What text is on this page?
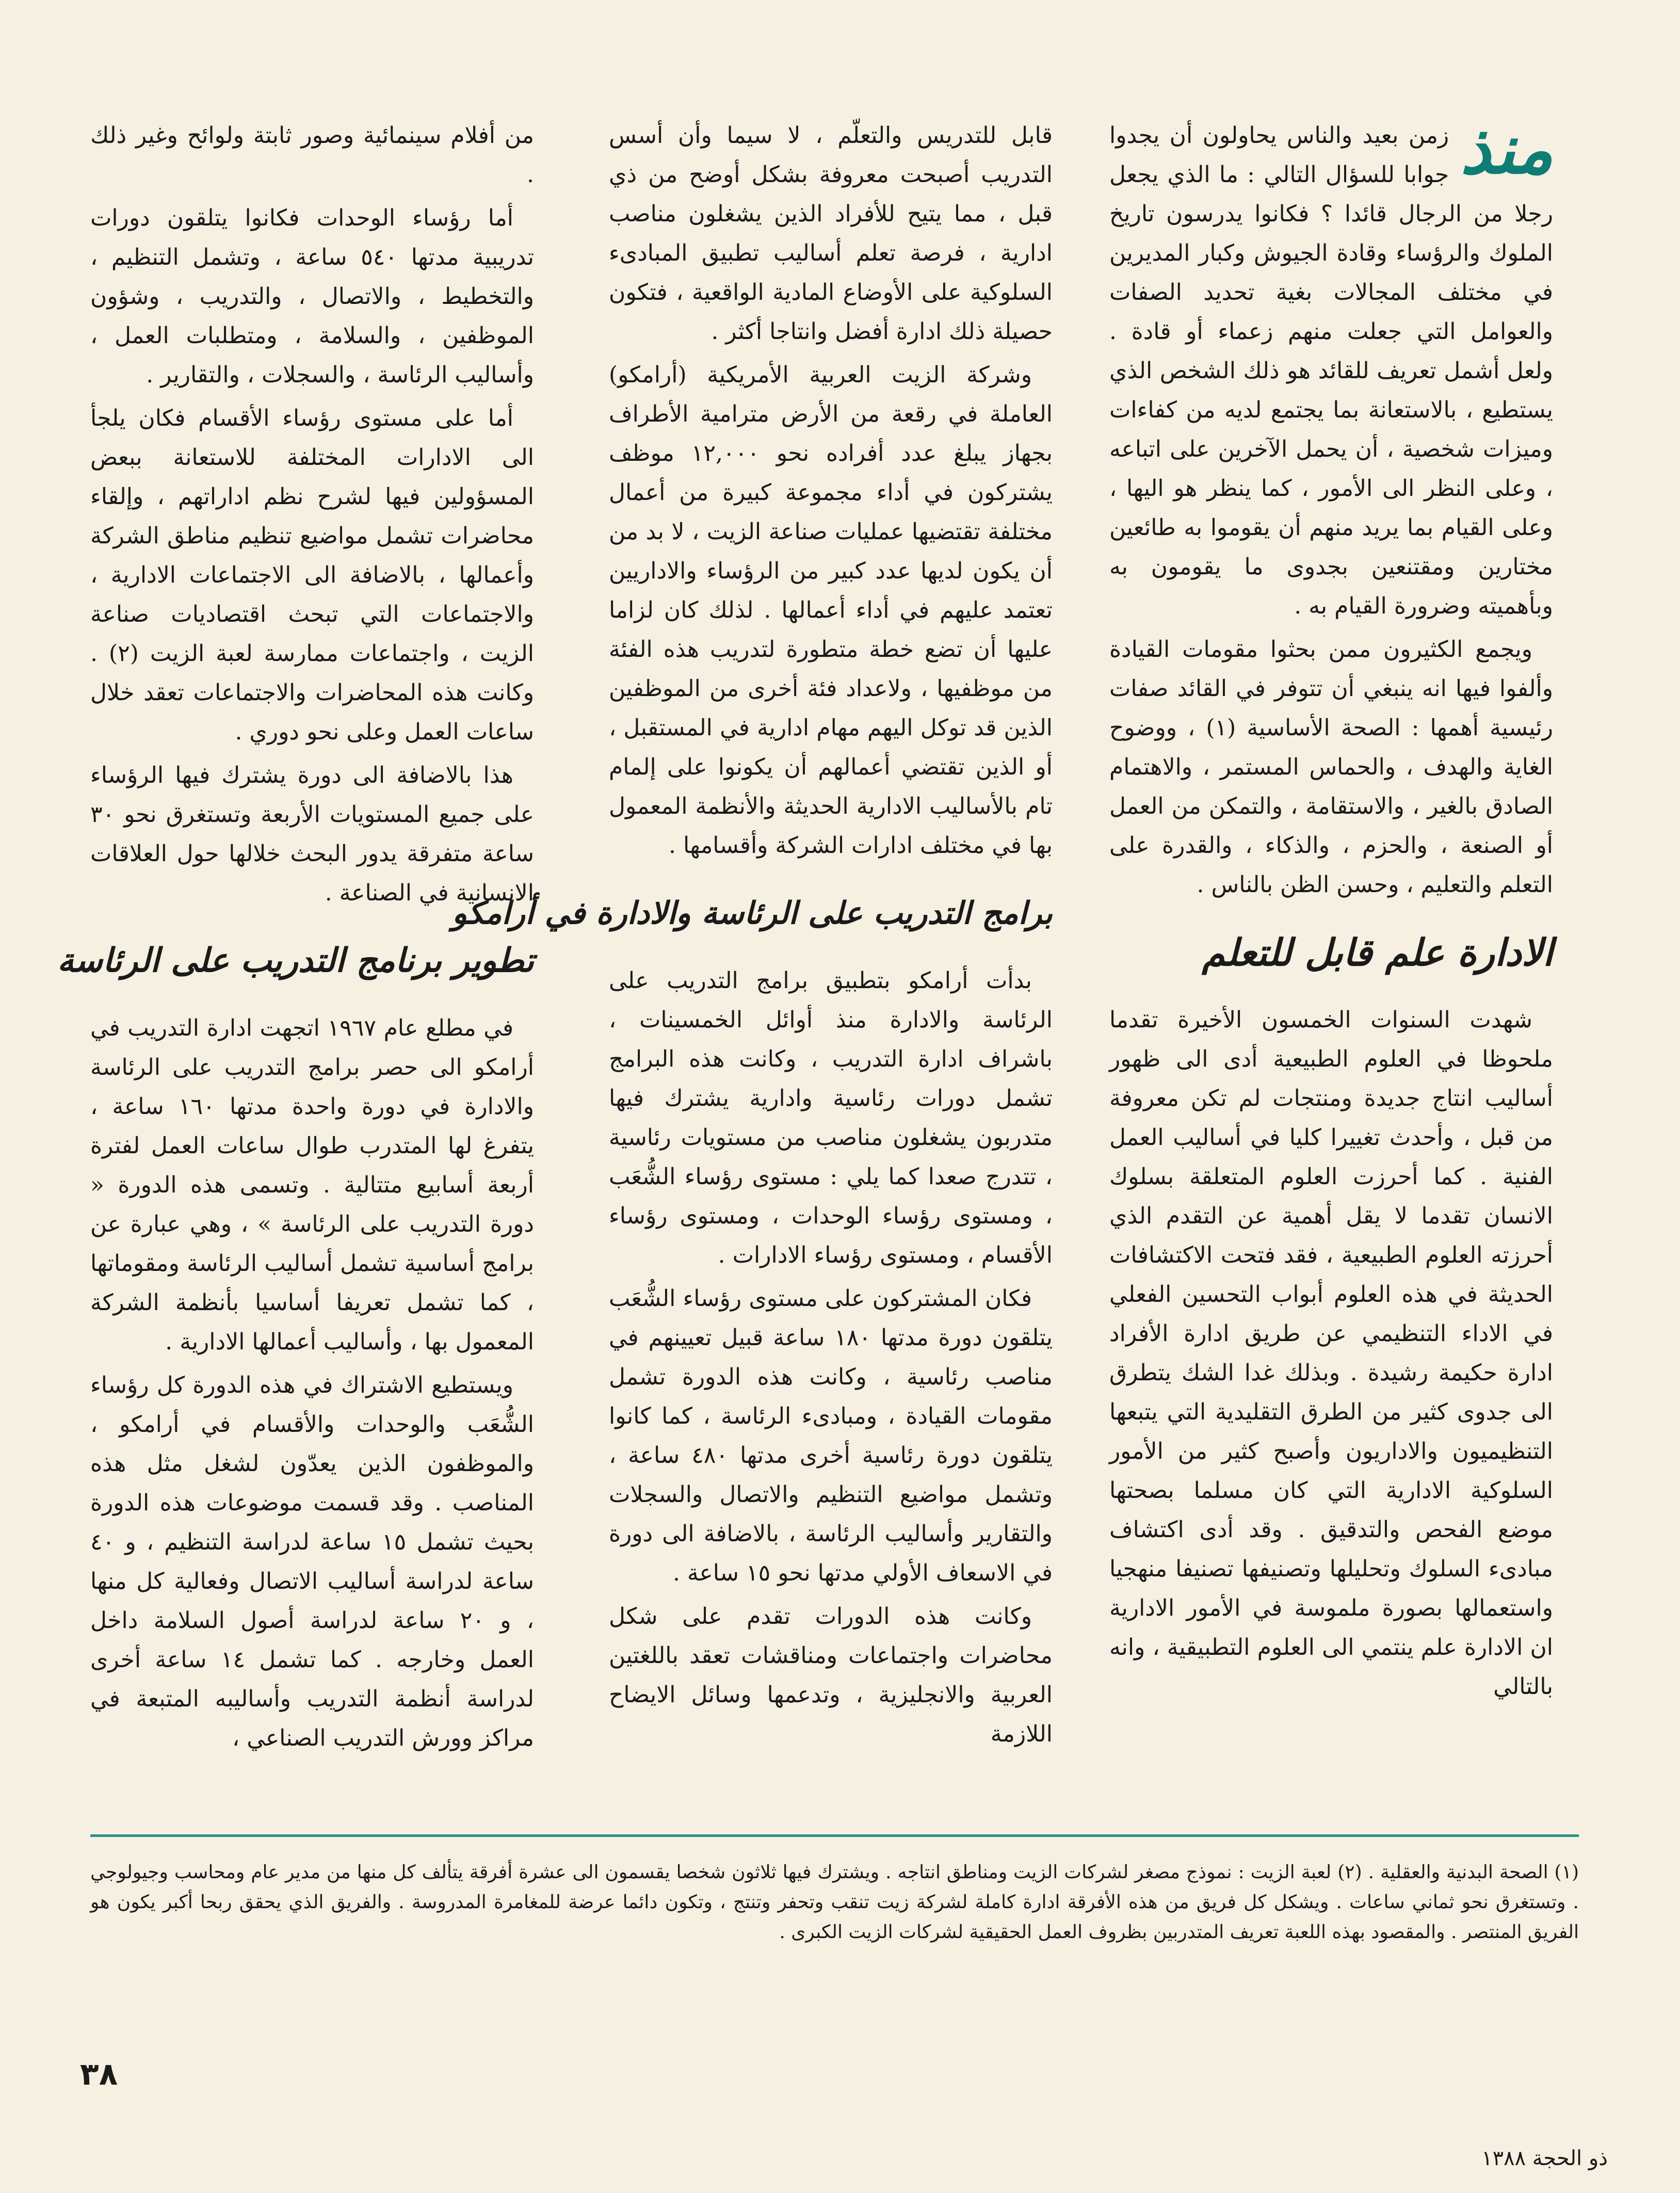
منذ
زمن بعيد والناس يحاولون أن يجدوا جوابا للسؤال التالي : ما الذي يجعل رجلا من الرجال قائدا ؟ فكانوا يدرسون تاريخ الملوك والرؤساء وقادة الجيوش وكبار المديرين في مختلف المجالات بغية تحديد الصفات والعوامل التي جعلت منهم زعماء أو قادة . ولعل أشمل تعريف للقائد هو ذلك الشخص الذي يستطيع ، بالاستعانة بما يجتمع لديه من كفاءات وميزات شخصية ، أن يحمل الآخرين على اتباعه ، وعلى النظر الى الأمور ، كما ينظر هو اليها ، وعلى القيام بما يريد منهم أن يقوموا به طائعين مختارين ومقتنعين بجدوى ما يقومون به وبأهميته وضرورة القيام به .

ويجمع الكثيرون ممن بحثوا مقومات القيادة وألفوا فيها انه ينبغي أن تتوفر في القائد صفات رئيسية أهمها : الصحة الأساسية (١) ، ووضوح الغاية والهدف ، والحماس المستمر ، والاهتمام الصادق بالغير ، والاستقامة ، والتمكن من العمل أو الصنعة ، والحزم ، والذكاء ، والقدرة على التعلم والتعليم ، وحسن الظن بالناس .

الادارة علم قابل للتعلم

شهدت السنوات الخمسون الأخيرة تقدما ملحوظا في العلوم الطبيعية أدى الى ظهور أساليب انتاج جديدة ومنتجات لم تكن معروفة من قبل ، وأحدث تغييرا كليا في أساليب العمل الفنية . كما أحرزت العلوم المتعلقة بسلوك الانسان تقدما لا يقل أهمية عن التقدم الذي أحرزته العلوم الطبيعية ، فقد فتحت الاكتشافات الحديثة في هذه العلوم أبواب التحسين الفعلي في الاداء التنظيمي عن طريق ادارة الأفراد ادارة حكيمة رشيدة . وبذلك غدا الشك يتطرق الى جدوى كثير من الطرق التقليدية التي يتبعها التنظيميون والاداريون وأصبح كثير من الأمور السلوكية الادارية التي كان مسلما بصحتها موضع الفحص والتدقيق . وقد أدى اكتشاف مبادىء السلوك وتحليلها وتصنيفها تصنيفا منهجيا واستعمالها بصورة ملموسة في الأمور الادارية ان الادارة علم ينتمي الى العلوم التطبيقية ، وانه بالتالي

قابل للتدريس والتعلّم ، لا سيما وأن أسس التدريب أصبحت معروفة بشكل أوضح من ذي قبل ، مما يتيح للأفراد الذين يشغلون مناصب ادارية ، فرصة تعلم أساليب تطبيق المبادىء السلوكية على الأوضاع المادية الواقعية ، فتكون حصيلة ذلك ادارة أفضل وانتاجا أكثر .

وشركة الزيت العربية الأمريكية (أرامكو) العاملة في رقعة من الأرض مترامية الأطراف بجهاز يبلغ عدد أفراده نحو ١٢,٠٠٠ موظف يشتركون في أداء مجموعة كبيرة من أعمال مختلفة تقتضيها عمليات صناعة الزيت ، لا بد من أن يكون لديها عدد كبير من الرؤساء والاداريين تعتمد عليهم في أداء أعمالها . لذلك كان لزاما عليها أن تضع خطة متطورة لتدريب هذه الفئة من موظفيها ، ولاعداد فئة أخرى من الموظفين الذين قد توكل اليهم مهام ادارية في المستقبل ، أو الذين تقتضي أعمالهم أن يكونوا على إلمام تام بالأساليب الادارية الحديثة والأنظمة المعمول بها في مختلف ادارات الشركة وأقسامها .

برامج التدريب على الرئاسة والادارة في أرامكو

بدأت أرامكو بتطبيق برامج التدريب على الرئاسة والادارة منذ أوائل الخمسينات ، باشراف ادارة التدريب ، وكانت هذه البرامج تشمل دورات رئاسية وادارية يشترك فيها متدربون يشغلون مناصب من مستويات رئاسية ، تتدرج صعدا كما يلي : مستوى رؤساء الشُّعَب ، ومستوى رؤساء الوحدات ، ومستوى رؤساء الأقسام ، ومستوى رؤساء الادارات .

فكان المشتركون على مستوى رؤساء الشُّعَب يتلقون دورة مدتها ١٨٠ ساعة قبيل تعيينهم في مناصب رئاسية ، وكانت هذه الدورة تشمل مقومات القيادة ، ومبادىء الرئاسة ، كما كانوا يتلقون دورة رئاسية أخرى مدتها ٤٨٠ ساعة ، وتشمل مواضيع التنظيم والاتصال والسجلات والتقارير وأساليب الرئاسة ، بالاضافة الى دورة في الاسعاف الأولي مدتها نحو ١٥ ساعة .

وكانت هذه الدورات تقدم على شكل محاضرات واجتماعات ومناقشات تعقد باللغتين العربية والانجليزية ، وتدعمها وسائل الايضاح اللازمة

من أفلام سينمائية وصور ثابتة ولوائح وغير ذلك .

أما رؤساء الوحدات فكانوا يتلقون دورات تدريبية مدتها ٥٤٠ ساعة ، وتشمل التنظيم ، والتخطيط ، والاتصال ، والتدريب ، وشؤون الموظفين ، والسلامة ، ومتطلبات العمل ، وأساليب الرئاسة ، والسجلات ، والتقارير .

أما على مستوى رؤساء الأقسام فكان يلجأ الى الادارات المختلفة للاستعانة ببعض المسؤولين فيها لشرح نظم اداراتهم ، وإلقاء محاضرات تشمل مواضيع تنظيم مناطق الشركة وأعمالها ، بالاضافة الى الاجتماعات الادارية ، والاجتماعات التي تبحث اقتصاديات صناعة الزيت ، واجتماعات ممارسة لعبة الزيت (٢) . وكانت هذه المحاضرات والاجتماعات تعقد خلال ساعات العمل وعلى نحو دوري .

هذا بالاضافة الى دورة يشترك فيها الرؤساء على جميع المستويات الأربعة وتستغرق نحو ٣٠ ساعة متفرقة يدور البحث خلالها حول العلاقات الانسانية في الصناعة .

تطوير برنامج التدريب على الرئاسة

في مطلع عام ١٩٦٧ اتجهت ادارة التدريب في أرامكو الى حصر برامج التدريب على الرئاسة والادارة في دورة واحدة مدتها ١٦٠ ساعة ، يتفرغ لها المتدرب طوال ساعات العمل لفترة أربعة أسابيع متتالية . وتسمى هذه الدورة « دورة التدريب على الرئاسة » ، وهي عبارة عن برامج أساسية تشمل أساليب الرئاسة ومقوماتها ، كما تشمل تعريفا أساسيا بأنظمة الشركة المعمول بها ، وأساليب أعمالها الادارية .

ويستطيع الاشتراك في هذه الدورة كل رؤساء الشُّعَب والوحدات والأقسام في أرامكو ، والموظفون الذين يعدّون لشغل مثل هذه المناصب . وقد قسمت موضوعات هذه الدورة بحيث تشمل ١٥ ساعة لدراسة التنظيم ، و ٤٠ ساعة لدراسة أساليب الاتصال وفعالية كل منها ، و ٢٠ ساعة لدراسة أصول السلامة داخل العمل وخارجه . كما تشمل ١٤ ساعة أخرى لدراسة أنظمة التدريب وأساليبه المتبعة في مراكز وورش التدريب الصناعي ،

(١) الصحة البدنية والعقلية . (٢) لعبة الزيت : نموذج مصغر لشركات الزيت ومناطق انتاجه . ويشترك فيها ثلاثون شخصا يقسمون الى عشرة أفرقة يتألف كل منها من مدير عام ومحاسب وجيولوجي . وتستغرق نحو ثماني ساعات . ويشكل كل فريق من هذه الأفرقة ادارة كاملة لشركة زيت تنقب وتحفر وتنتج ، وتكون دائما عرضة للمغامرة المدروسة . والفريق الذي يحقق ربحا أكبر يكون هو الفريق المنتصر . والمقصود بهذه اللعبة تعريف المتدربين بظروف العمل الحقيقية لشركات الزيت الكبرى .

٣٨
ذو الحجة ١٣٨٨
